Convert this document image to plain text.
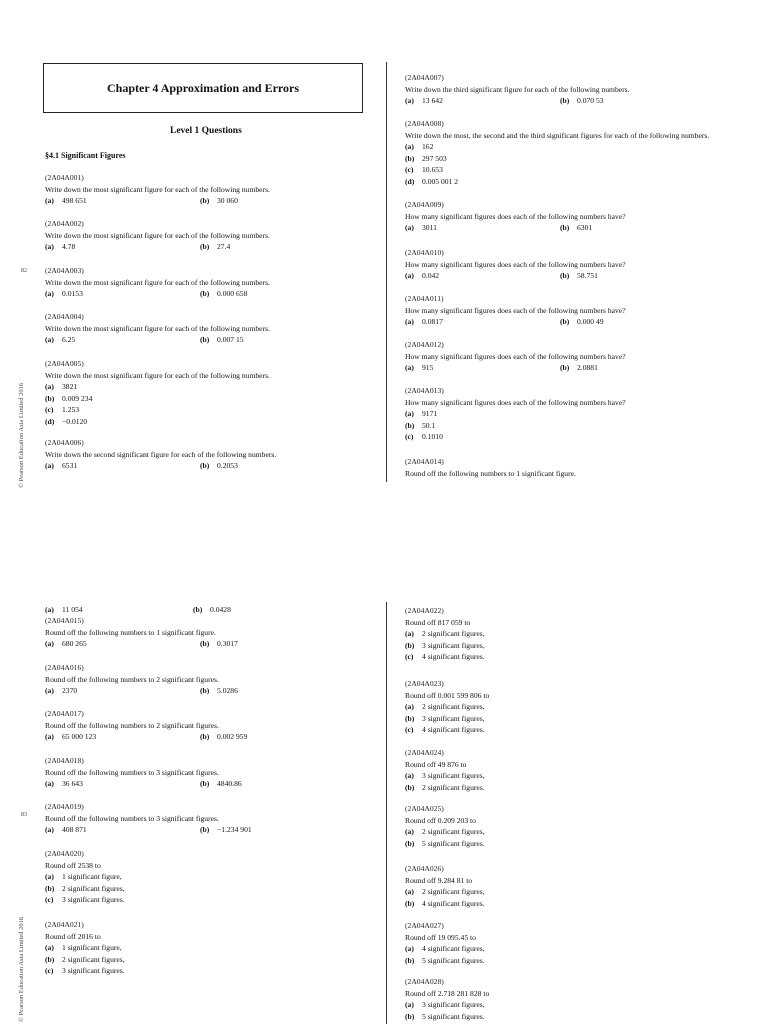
Chapter 4 Approximation and Errors
Level 1 Questions
§4.1 Significant Figures
© Pearson Education Asia Limited 2016
82
(2A04A001)
Write down the most significant figure for each of the following numbers.
(a) 498 651	(b) 30 060
(2A04A002)
Write down the most significant figure for each of the following numbers.
(a) 4.78	(b) 27.4
(2A04A003)
Write down the most significant figure for each of the following numbers.
(a) 0.0153	(b) 0.000 658
(2A04A004)
Write down the most significant figure for each of the following numbers.
(a) 6.25	(b) 0.007 15
(2A04A005)
Write down the most significant figure for each of the following numbers.
(a) 3821
(b) 0.009 234
(c) 1.253
(d) −0.0120
(2A04A006)
Write down the second significant figure for each of the following numbers.
(a) 6531	(b) 0.2053
(2A04A007)
Write down the third significant figure for each of the following numbers.
(a) 13 642	(b) 0.070 53
(2A04A008)
Write down the most, the second and the third significant figures for each of the following numbers.
(a) 162
(b) 297 503
(c) 10.653
(d) 0.005 001 2
(2A04A009)
How many significant figures does each of the following numbers have?
(a) 3011	(b) 6301
(2A04A010)
How many significant figures does each of the following numbers have?
(a) 0.042	(b) 58.751
(2A04A011)
How many significant figures does each of the following numbers have?
(a) 0.0817	(b) 0.000 49
(2A04A012)
How many significant figures does each of the following numbers have?
(a) 915	(b) 2.0881
(2A04A013)
How many significant figures does each of the following numbers have?
(a) 9171
(b) 50.1
(c) 0.1010
(2A04A014)
Round off the following numbers to 1 significant figure.
© Pearson Education Asia Limited 2016
83
(a) 11 054	(b) 0.0428
(2A04A015)
Round off the following numbers to 1 significant figure.
(a) 680 265	(b) 0.3017
(2A04A016)
Round off the following numbers to 2 significant figures.
(a) 2370	(b) 5.0286
(2A04A017)
Round off the following numbers to 2 significant figures.
(a) 65 000 123	(b) 0.002 959
(2A04A018)
Round off the following numbers to 3 significant figures.
(a) 36 643	(b) 4840.86
(2A04A019)
Round off the following numbers to 3 significant figures.
(a) 408 871	(b) −1.234 901
(2A04A020)
Round off 2538 to
(a) 1 significant figure,
(b) 2 significant figures,
(c) 3 significant figures.
(2A04A021)
Round off 2016 to
(a) 1 significant figure,
(b) 2 significant figures,
(c) 3 significant figures.
(2A04A022)
Round off 817 059 to
(a) 2 significant figures,
(b) 3 significant figures,
(c) 4 significant figures.
(2A04A023)
Round off 0.001 599 806 to
(a) 2 significant figures,
(b) 3 significant figures,
(c) 4 significant figures.
(2A04A024)
Round off 49 876 to
(a) 3 significant figures,
(b) 2 significant figures.
(2A04A025)
Round off 0.209 203 to
(a) 2 significant figures,
(b) 5 significant figures.
(2A04A026)
Round off 9.284 81 to
(a) 2 significant figures,
(b) 4 significant figures.
(2A04A027)
Round off 19 095.45 to
(a) 4 significant figures,
(b) 5 significant figures.
(2A04A028)
Round off 2.718 281 828 to
(a) 3 significant figures,
(b) 5 significant figures.
